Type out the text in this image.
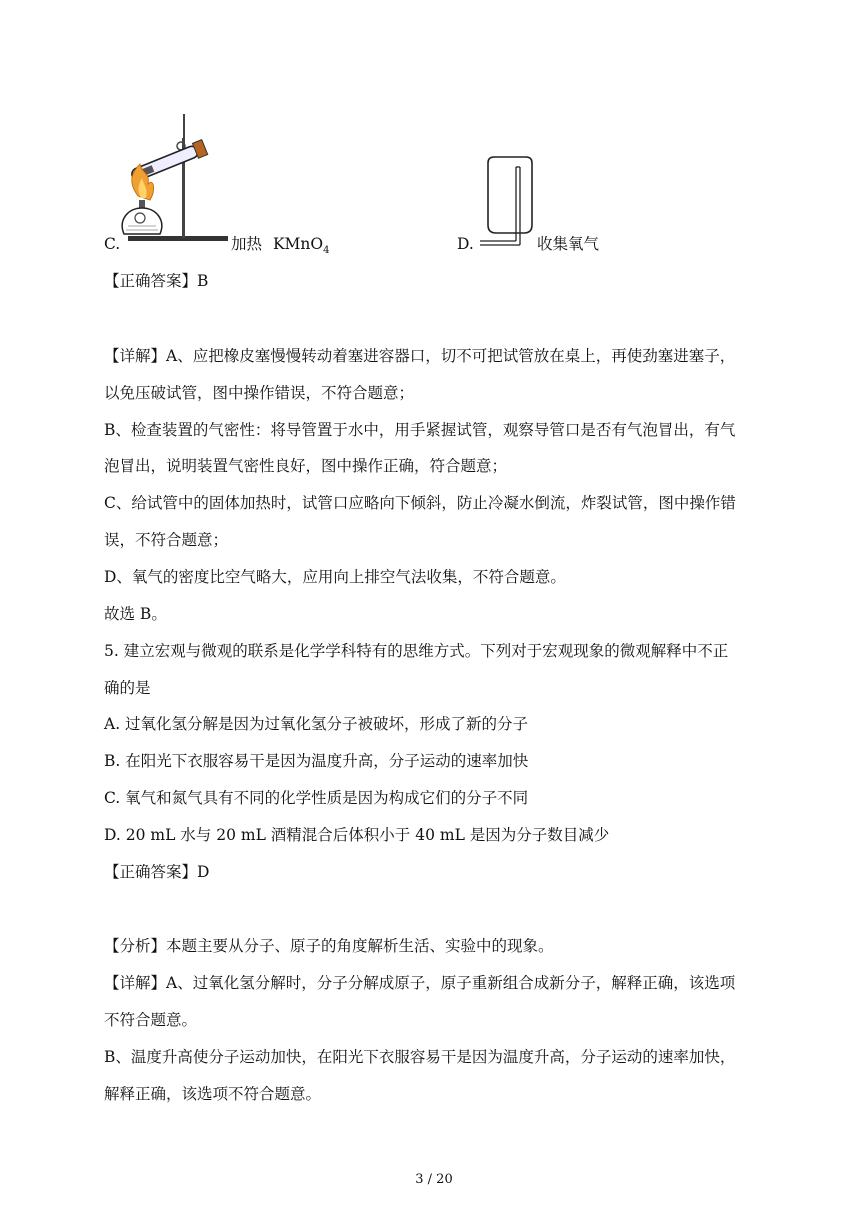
C.	加热 KMnO$_4$	D.	收集氧气
【正确答案】B
【详解】A、应把橡皮塞慢慢转动着塞进容器口，切不可把试管放在桌上，再使劲塞进塞子，
以免压破试管，图中操作错误，不符合题意；
B、检查装置的气密性：将导管置于水中，用手紧握试管，观察导管口是否有气泡冒出，有气
泡冒出，说明装置气密性良好，图中操作正确，符合题意；
C、给试管中的固体加热时，试管口应略向下倾斜，防止冷凝水倒流，炸裂试管，图中操作错
误，不符合题意；
D、氧气的密度比空气略大，应用向上排空气法收集，不符合题意。
故选 B。
5. 建立宏观与微观的联系是化学学科特有的思维方式。下列对于宏观现象的微观解释中不正
确的是
A. 过氧化氢分解是因为过氧化氢分子被破坏，形成了新的分子
B. 在阳光下衣服容易干是因为温度升高，分子运动的速率加快
C. 氧气和氮气具有不同的化学性质是因为构成它们的分子不同
D. 20 mL 水与 20 mL 酒精混合后体积小于 40 mL 是因为分子数目减少
【正确答案】D
【分析】本题主要从分子、原子的角度解析生活、实验中的现象。
【详解】A、过氧化氢分解时，分子分解成原子，原子重新组合成新分子，解释正确，该选项
不符合题意。
B、温度升高使分子运动加快，在阳光下衣服容易干是因为温度升高，分子运动的速率加快，
解释正确，该选项不符合题意。
3 / 20
